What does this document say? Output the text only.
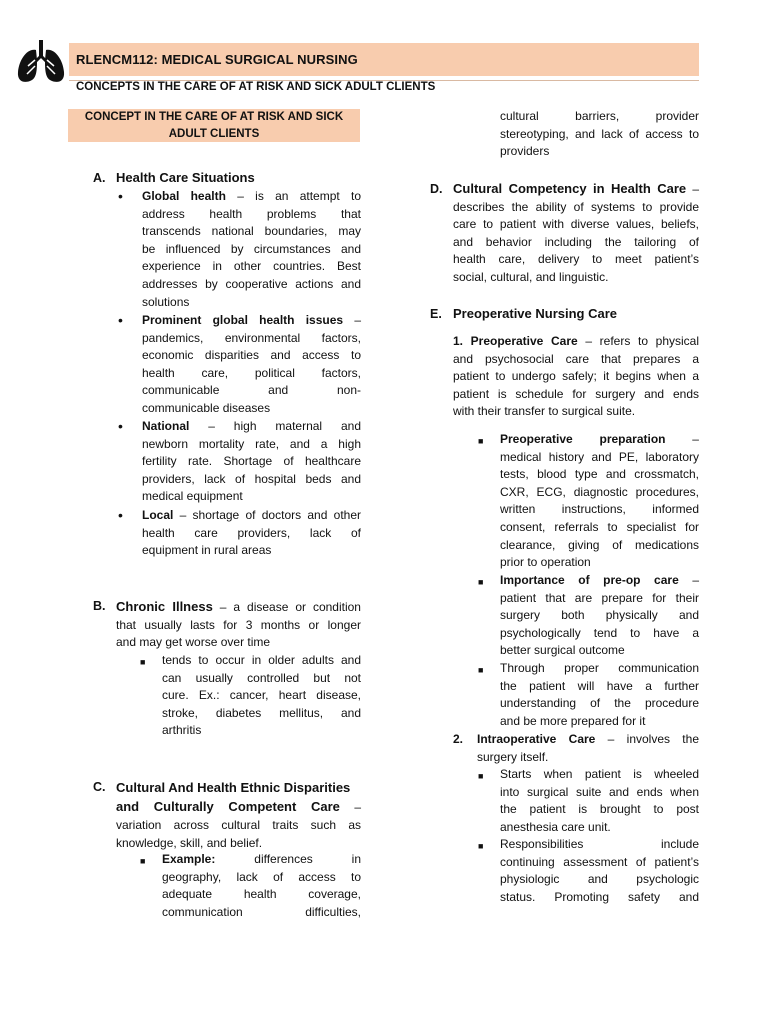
RLENCM112: MEDICAL SURGICAL NURSING
CONCEPTS IN THE CARE OF AT RISK AND SICK ADULT CLIENTS
CONCEPT IN THE CARE OF AT RISK AND SICK
ADULT CLIENTS
A. Health Care Situations
• Global health – is an attempt to
address health problems that
transcends national boundaries, may
be influenced by circumstances and
experience in other countries. Best
addresses by cooperative actions and
solutions
• Prominent global health issues –
pandemics, environmental factors,
economic disparities and access to
health care, political factors,
communicable and non-
communicable diseases
• National – high maternal and
newborn mortality rate, and a high
fertility rate. Shortage of healthcare
providers, lack of hospital beds and
medical equipment
• Local – shortage of doctors and other
health care providers, lack of
equipment in rural areas
B. Chronic Illness – a disease or condition
that usually lasts for 3 months or longer
and may get worse over time
■ tends to occur in older adults and
can usually controlled but not
cure. Ex.: cancer, heart disease,
stroke, diabetes mellitus, and
arthritis
C. Cultural And Health Ethnic Disparities
and Culturally Competent Care –
variation across cultural traits such as
knowledge, skill, and belief.
■ Example: differences in
geography, lack of access to
adequate health coverage,
communication difficulties,
cultural barriers, provider
stereotyping, and lack of access to
providers
D. Cultural Competency in Health Care –
describes the ability of systems to provide
care to patient with diverse values, beliefs,
and behavior including the tailoring of
health care, delivery to meet patient’s
social, cultural, and linguistic.
E. Preoperative Nursing Care
1. Preoperative Care – refers to physical
and psychosocial care that prepares a
patient to undergo safely; it begins when a
patient is schedule for surgery and ends
with their transfer to surgical suite.
■ Preoperative preparation –
medical history and PE, laboratory
tests, blood type and crossmatch,
CXR, ECG, diagnostic procedures,
written instructions, informed
consent, referrals to specialist for
clearance, giving of medications
prior to operation
■ Importance of pre-op care –
patient that are prepare for their
surgery both physically and
psychologically tend to have a
better surgical outcome
■ Through proper communication
the patient will have a further
understanding of the procedure
and be more prepared for it
2. Intraoperative Care – involves the
surgery itself.
■ Starts when patient is wheeled
into surgical suite and ends when
the patient is brought to post
anesthesia care unit.
■ Responsibilities include
continuing assessment of patient’s
physiologic and psychologic
status. Promoting safety and
